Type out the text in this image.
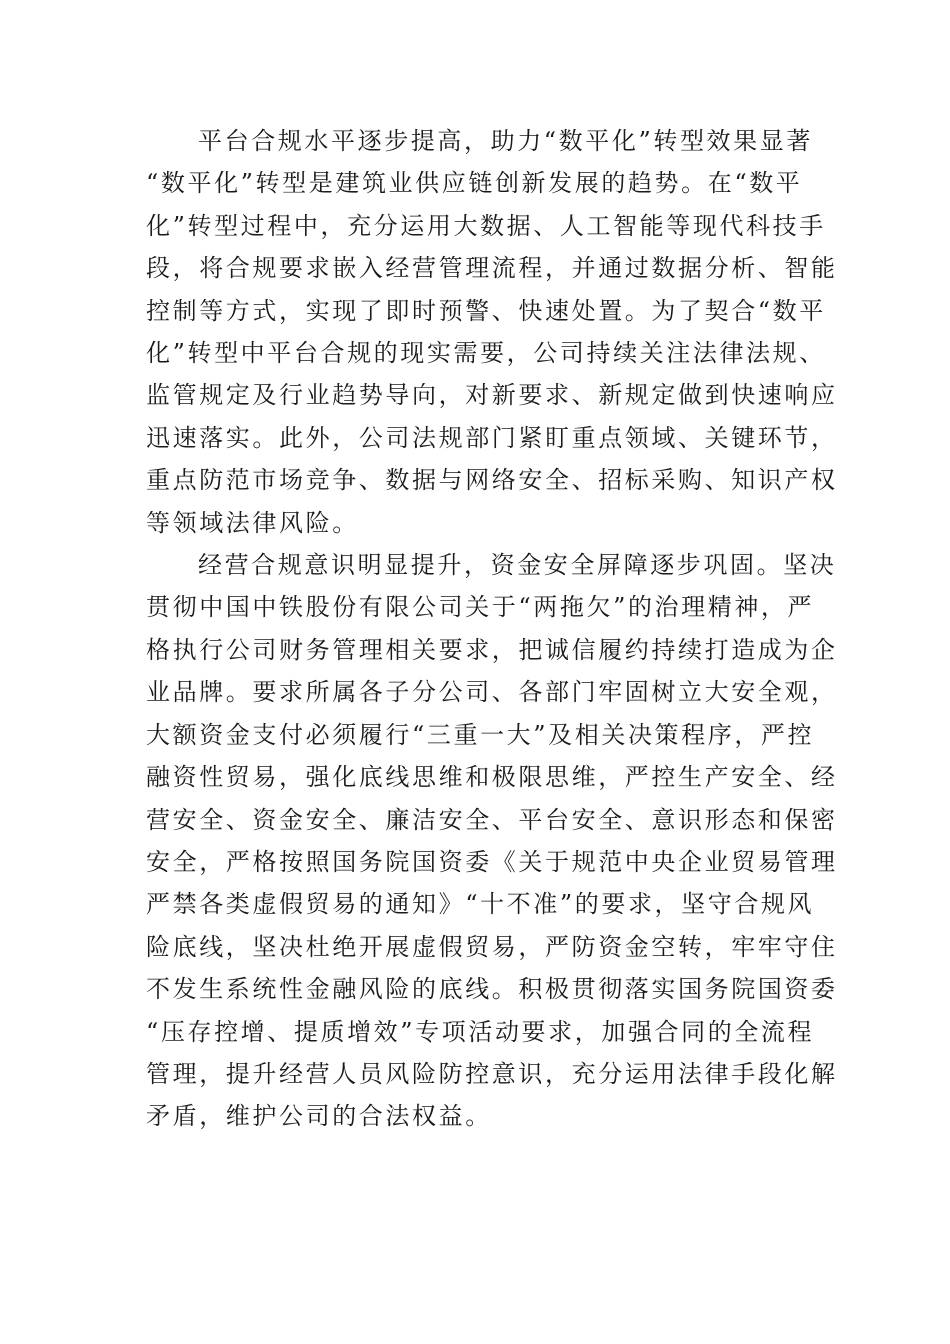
平台合规水平逐步提高，助力“数平化”转型效果显著
“数平化”转型是建筑业供应链创新发展的趋势。在“数平
化”转型过程中，充分运用大数据、人工智能等现代科技手
段，将合规要求嵌入经营管理流程，并通过数据分析、智能
控制等方式，实现了即时预警、快速处置。为了契合“数平
化”转型中平台合规的现实需要，公司持续关注法律法规、
监管规定及行业趋势导向，对新要求、新规定做到快速响应
迅速落实。此外，公司法规部门紧盯重点领域、关键环节，
重点防范市场竞争、数据与网络安全、招标采购、知识产权
等领域法律风险。
经营合规意识明显提升，资金安全屏障逐步巩固。坚决
贯彻中国中铁股份有限公司关于“两拖欠”的治理精神，严
格执行公司财务管理相关要求，把诚信履约持续打造成为企
业品牌。要求所属各子分公司、各部门牢固树立大安全观，
大额资金支付必须履行“三重一大”及相关决策程序，严控
融资性贸易，强化底线思维和极限思维，严控生产安全、经
营安全、资金安全、廉洁安全、平台安全、意识形态和保密
安全，严格按照国务院国资委《关于规范中央企业贸易管理
严禁各类虚假贸易的通知》“十不准”的要求，坚守合规风
险底线，坚决杜绝开展虚假贸易，严防资金空转，牢牢守住
不发生系统性金融风险的底线。积极贯彻落实国务院国资委
“压存控增、提质增效”专项活动要求，加强合同的全流程
管理，提升经营人员风险防控意识，充分运用法律手段化解
矛盾，维护公司的合法权益。
